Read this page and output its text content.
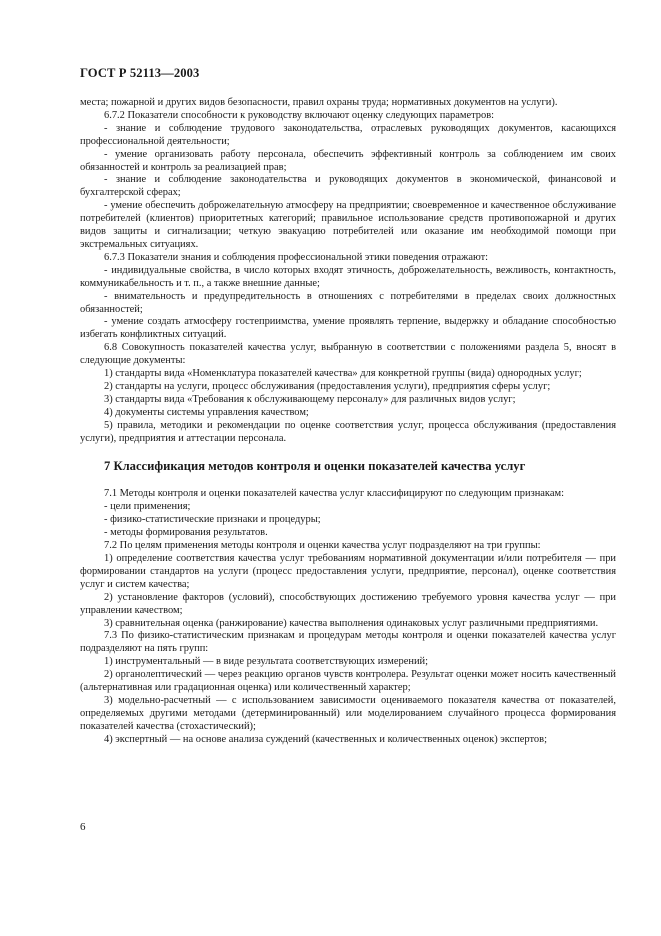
ГОСТ Р 52113—2003

места; пожарной и других видов безопасности, правил охраны труда; нормативных документов на услуги).

6.7.2 Показатели способности к руководству включают оценку следующих параметров:

- знание и соблюдение трудового законодательства, отраслевых руководящих документов, касающихся профессиональной деятельности;

- умение организовать работу персонала, обеспечить эффективный контроль за соблюдением им своих обязанностей и контроль за реализацией прав;

- знание и соблюдение законодательства и руководящих документов в экономической, финансовой и бухгалтерской сферах;

- умение обеспечить доброжелательную атмосферу на предприятии; своевременное и качественное обслуживание потребителей (клиентов) приоритетных категорий; правильное использование средств противопожарной и других видов защиты и сигнализации; четкую эвакуацию потребителей или оказание им необходимой помощи при экстремальных ситуациях.

6.7.3 Показатели знания и соблюдения профессиональной этики поведения отражают:

- индивидуальные свойства, в число которых входят этичность, доброжелательность, вежливость, контактность, коммуникабельность и т. п., а также внешние данные;

- внимательность и предупредительность в отношениях с потребителями в пределах своих должностных обязанностей;

- умение создать атмосферу гостеприимства, умение проявлять терпение, выдержку и обладание способностью избегать конфликтных ситуаций.

6.8 Совокупность показателей качества услуг, выбранную в соответствии с положениями раздела 5, вносят в следующие документы:

1) стандарты вида «Номенклатура показателей качества» для конкретной группы (вида) однородных услуг;

2) стандарты на услуги, процесс обслуживания (предоставления услуги), предприятия сферы услуг;

3) стандарты вида «Требования к обслуживающему персоналу» для различных видов услуг;

4) документы системы управления качеством;

5) правила, методики и рекомендации по оценке соответствия услуг, процесса обслуживания (предоставления услуги), предприятия и аттестации персонала.

7 Классификация методов контроля и оценки показателей качества услуг

7.1 Методы контроля и оценки показателей качества услуг классифицируют по следующим признакам:

- цели применения;

- физико-статистические признаки и процедуры;

- методы формирования результатов.

7.2 По целям применения методы контроля и оценки качества услуг подразделяют на три группы:

1) определение соответствия качества услуг требованиям нормативной документации и/или потребителя — при формировании стандартов на услуги (процесс предоставления услуги, предприятие, персонал), оценке соответствия услуг и систем качества;

2) установление факторов (условий), способствующих достижению требуемого уровня качества услуг — при управлении качеством;

3) сравнительная оценка (ранжирование) качества выполнения одинаковых услуг различными предприятиями.

7.3 По физико-статистическим признакам и процедурам методы контроля и оценки показателей качества услуг подразделяют на пять групп:

1) инструментальный — в виде результата соответствующих измерений;

2) органолептический — через реакцию органов чувств контролера. Результат оценки может носить качественный (альтернативная или градационная оценка) или количественный характер;

3) модельно-расчетный — с использованием зависимости оцениваемого показателя качества от показателей, определяемых другими методами (детерминированный) или моделированием случайного процесса формирования показателей качества (стохастический);

4) экспертный — на основе анализа суждений (качественных и количественных оценок) экспертов;

6
